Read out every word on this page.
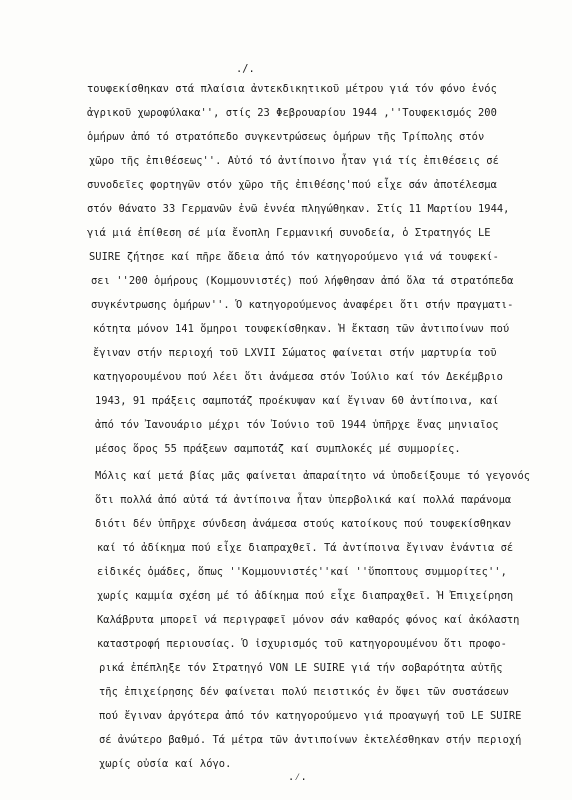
./.
τουφεκίσθηκαν στά πλαίσια ἀντεκδικητικοῦ μέτρου γιά τόν φόνο ἑνός
ἀγρικοῦ χωροφύλακα'', στίς 23 Φεβρουαρίου 1944 ,''Τουφεκισμός 200
ὁμήρων ἀπό τό στρατόπεδο συγκεντρώσεως ὁμήρων τῆς Τρίπολης στόν
χῶρο τῆς ἐπιθέσεως''. Αὐτό τό ἀντίποινο ἦταν γιά τίς ἐπιθέσεις σέ
συνοδεῖες φορτηγῶν στόν χῶρο τῆς ἐπιθέσης'πού εἶχε σάν ἀποτέλεσμα
στόν θάνατο 33 Γερμανῶν ἐνῶ ἐννέα πληγώθηκαν. Στίς 11 Μαρτίου 1944,
γιά μιά ἐπίθεση σέ μία ἔνοπλη Γερμανική συνοδεία, ὁ Στρατηγός LE
SUIRE ζήτησε καί πῆρε ἄδεια ἀπό τόν κατηγορούμενο γιά νά τουφεκί-
σει ''200 ὁμήρους (Κομμουνιστές) πού λήφθησαν ἀπό ὅλα τά στρατόπεδα
συγκέντρωσης ὁμήρων''. Ὁ κατηγορούμενος ἀναφέρει ὅτι στήν πραγματι-
κότητα μόνον 141 ὅμηροι τουφεκίσθηκαν. Ἡ ἔκταση τῶν ἀντιποίνων πού
ἔγιναν στήν περιοχή τοῦ LXVII Σώματος φαίνεται στήν μαρτυρία τοῦ
κατηγορουμένου πού λέει ὅτι ἀνάμεσα στόν Ἰούλιο καί τόν Δεκέμβριο
1943, 91 πράξεις σαμποτάζ προέκυψαν καί ἔγιναν 60 ἀντίποινα, καί
ἀπό τόν Ἰανουάριο μέχρι τόν Ἰούνιο τοῦ 1944 ὑπῆρχε ἕνας μηνιαῖος
μέσος ὅρος 55 πράξεων σαμποτάζ καί συμπλοκές μέ συμμορίες.
Μόλις καί μετά βίας μᾶς φαίνεται ἀπαραίτητο νά ὑποδείξουμε τό γεγονός
ὅτι πολλά ἀπό αὐτά τά ἀντίποινα ἦταν ὑπερβολικά καί πολλά παράνομα
διότι δέν ὑπῆρχε σύνδεση ἀνάμεσα στούς κατοίκους πού τουφεκίσθηκαν
καί τό ἀδίκημα πού εἶχε διαπραχθεῖ. Τά ἀντίποινα ἔγιναν ἐνάντια σέ
εἰδικές ὁμάδες, ὅπως ''Κομμουνιστές''καί ''ὕποπτους συμμορίτες'',
χωρίς καμμία σχέση μέ τό ἀδίκημα πού εἶχε διαπραχθεῖ. Ἡ Ἐπιχείρηση
Καλάβρυτα μπορεῖ νά περιγραφεῖ μόνον σάν καθαρός φόνος καί ἀκόλαστη
καταστροφή περιουσίας. Ὁ ἰσχυρισμός τοῦ κατηγορουμένου ὅτι προφο-
ρικά ἐπέπληξε τόν Στρατηγό VON LE SUIRE γιά τήν σοβαρότητα αὐτῆς
τῆς ἐπιχείρησης δέν φαίνεται πολύ πειστικός ἐν ὄψει τῶν συστάσεων
πού ἔγιναν ἀργότερα ἀπό τόν κατηγορούμενο γιά προαγωγή τοῦ LE SUIRE
σέ ἀνώτερο βαθμό. Τά μέτρα τῶν ἀντιποίνων ἐκτελέσθηκαν στήν περιοχή
χωρίς οὐσία καί λόγο.
.⁄.
